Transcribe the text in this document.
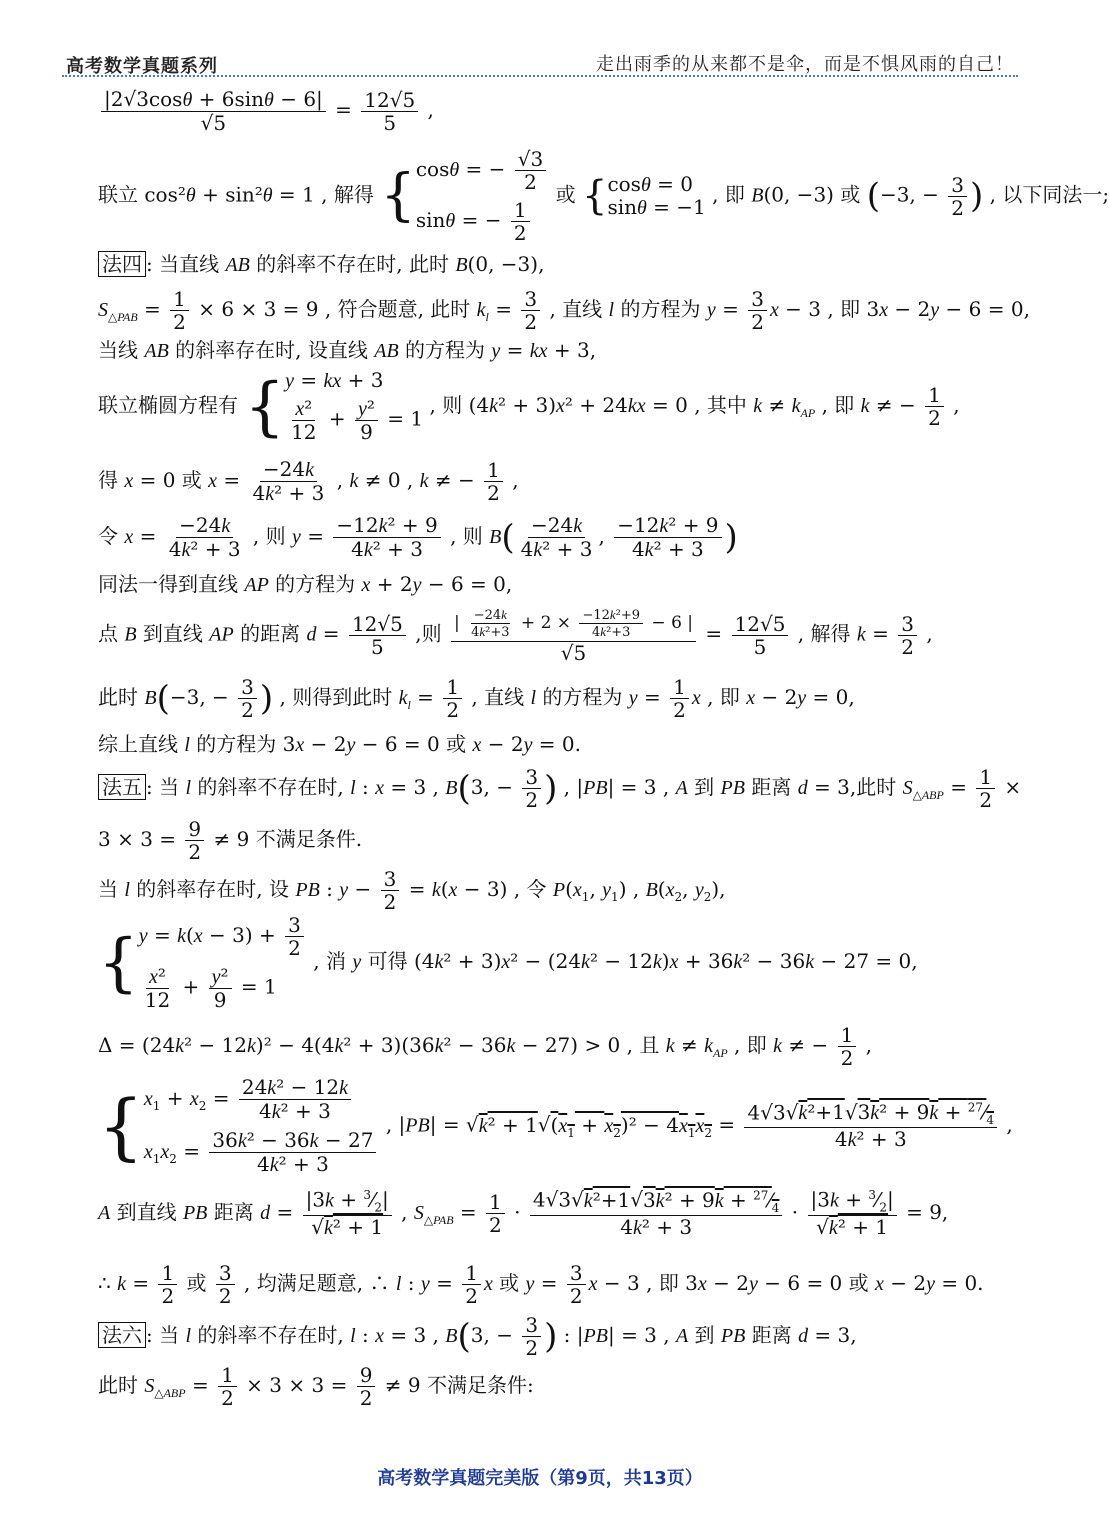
高考数学真题系列	走出雨季的从来都不是伞，而是不惧风雨的自己！
$\frac{|2√3\cos\theta + 6\sin\theta - 6|}{√5} = \frac{12√5}{5}$ ,
联立 cos²θ + sin²θ = 1 , 解得 { cosθ = − $\frac{√3}{2}$
sinθ = − $\frac{1}{2}$
或 { cosθ = 0
sinθ = −1
, 即 B(0, −3) 或 (−3, − $\frac{3}{2}$ ) , 以下同法一;
法四 : 当直线 AB 的斜率不存在时, 此时 B(0, −3),
$S_{\triangle PAB} = \frac{1}{2} \times 6 \times 3 = 9$ , 符合题意, 此时 $k_l = \frac{3}{2}$ , 直线 l 的方程为 $y = \frac{3}{2}$ x − 3 , 即 3x − 2y − 6 = 0,
当线 AB 的斜率存在时, 设直线 AB 的方程为 y = kx + 3,
联立椭圆方程有 { y = kx + 3
$\frac{\text{x²}}{12} + \frac{\text{y²}}{9} = 1$
, 则 (4k² + 3)x² + 24kx = 0 , 其中 $k \ne k_{AP}$ , 即 k ≠ − $\frac{1}{2}$ ,
得 x = 0 或 $x = \frac{-24k}{\text{4k² + 3}}$ , k ≠ 0 , k ≠ − $\frac{1}{2}$ ,
令 $x = \frac{-24k}{\text{4k² + 3}}$ , 则 $y = \frac{\text{−12k² + 9}}{\text{4k² + 3}}$ , 则 $B( \frac{-24k}{\text{4k² + 3}}$ , $\frac{\text{−12k² + 9}}{\text{4k² + 3}}$ )
同法一得到直线 AP 的方程为 x + 2y − 6 = 0,
点 B 到直线 AP 的距离 $d = \frac{12√5}{5}$ ,则 $\frac{| \frac{-24k}{\text{4k²+3}} + 2 \times \frac{\text{−12k²+9}}{\text{4k²+3}} - 6 |}{√5} = \frac{12√5}{5}$ , 解得 $k = \frac{3}{2}$ ,
此时 B(−3, − $\frac{3}{2}$ ) , 则得到此时 $k_l = \frac{1}{2}$ , 直线 l 的方程为 $y = \frac{1}{2}$ x , 即 x − 2y = 0,
综上直线 l 的方程为 3x − 2y − 6 = 0 或 x − 2y = 0.
法五 : 当 l 的斜率不存在时, l : x = 3 , B(3, − $\frac{3}{2}$ ) , |PB| = 3 , A 到 PB 距离 d = 3,此时 $S_{\triangle ABP} = \frac{1}{2}$ ×
$3 \times 3 = \frac{9}{2} \ne 9$ 不满足条件.
当 l 的斜率存在时, 设 PB : $y - \frac{3}{2} = k(x - 3)$ , 令 $P(x_1$, $y_1$) , $B(x_2$, $y_2$),
{ $y = k(x - 3) + \frac{3}{2}$
$\frac{\text{x²}}{12} + \frac{\text{y²}}{9} = 1$
, 消 y 可得 (4k² + 3)x² − (24k² − 12k)x + 36k² − 36k − 27 = 0,
Δ = (24k² − 12k)² − 4(4k² + 3)(36k² − 36k − 27) > 0 , 且 $k \ne k_{AP}$ , 即 k ≠ − $\frac{1}{2}$ ,
{ $x_1 + x_2 = \frac{\text{24k² − 12k}}{\text{4k² + 3}}$
$x_1x_2 = \frac{\text{36k² − 36k − 27}}{\text{4k² + 3}}$
, $|PB| = √k^2 + 1√(x_1 + x_2)^2 - 4x_1x_2 = \frac{4√3√k^2+1√3k^2 + 9k + ^{27}⁄_4}{\text{4k² + 3}}$ ,
A 到直线 PB 距离 $d = \frac{|3k + ^3⁄_2|}{\text{√k² + 1}}$ , $S_{\triangle PAB} = \frac{1}{2} \cdot \frac{4√3√k^2+1√3k^2 + 9k + ^{27}⁄_4}{\text{4k² + 3}} \cdot \frac{|3k + ^3⁄_2|}{\text{√k² + 1}} = 9$,
∴ $k = \frac{1}{2}$ 或 $\frac{3}{2}$ , 均满足题意, ∴ l : $y = \frac{1}{2}$ x 或 $y = \frac{3}{2}$ x − 3 , 即 3x − 2y − 6 = 0 或 x − 2y = 0.
法六 : 当 l 的斜率不存在时, l : x = 3 , B(3, − $\frac{3}{2}$ ) : |PB| = 3 , A 到 PB 距离 d = 3,
此时 $S_{\triangle ABP} = \frac{1}{2} \times 3 \times 3 = \frac{9}{2} \ne 9$ 不满足条件:
高考数学真题完美版（第9页，共13页）
